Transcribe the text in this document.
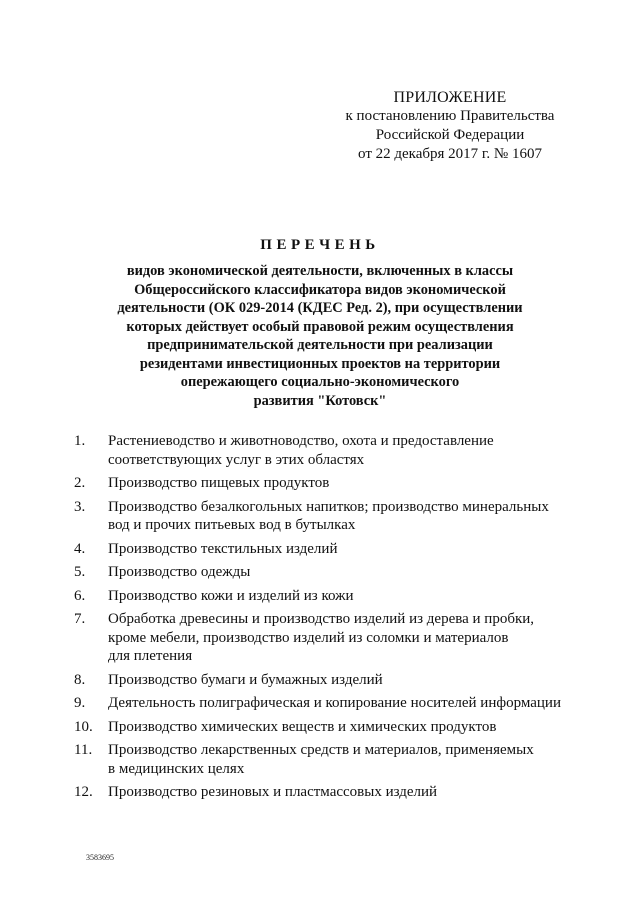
ПРИЛОЖЕНИЕ
к постановлению Правительства
Российской Федерации
от 22 декабря 2017 г. № 1607
ПЕРЕЧЕНЬ
видов экономической деятельности, включенных в классы
Общероссийского классификатора видов экономической
деятельности (ОК 029-2014 (КДЕС Ред. 2), при осуществлении
которых действует особый правовой режим осуществления
предпринимательской деятельности при реализации
резидентами инвестиционных проектов на территории
опережающего социально-экономического
развития "Котовск"
1.	Растениеводство и животноводство, охота и предоставление
соответствующих услуг в этих областях
2.	Производство пищевых продуктов
3.	Производство безалкогольных напитков; производство минеральных
вод и прочих питьевых вод в бутылках
4.	Производство текстильных изделий
5.	Производство одежды
6.	Производство кожи и изделий из кожи
7.	Обработка древесины и производство изделий из дерева и пробки,
кроме мебели, производство изделий из соломки и материалов
для плетения
8.	Производство бумаги и бумажных изделий
9.	Деятельность полиграфическая и копирование носителей информации
10.	Производство химических веществ и химических продуктов
11.	Производство лекарственных средств и материалов, применяемых
в медицинских целях
12.	Производство резиновых и пластмассовых изделий
3583695
